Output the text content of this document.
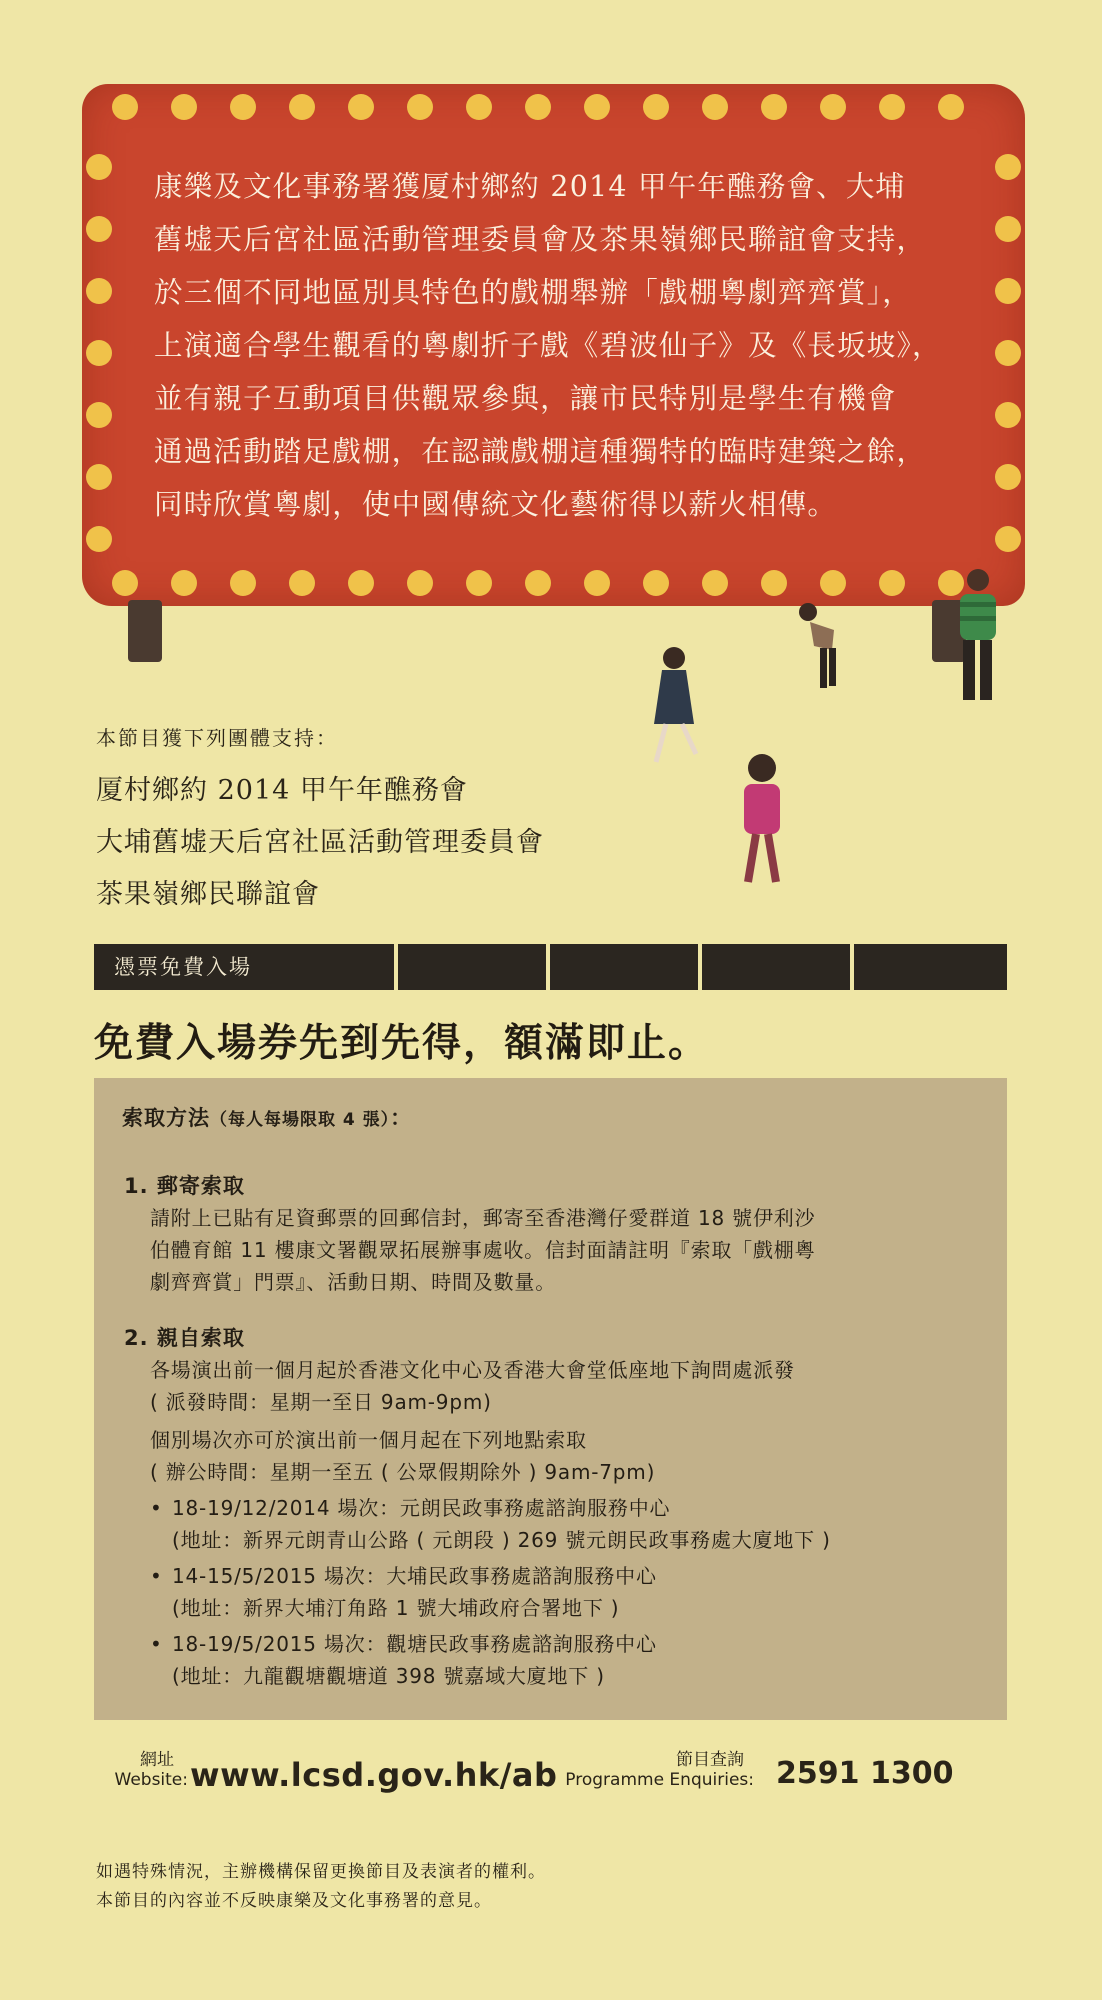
康樂及文化事務署獲厦村鄉約 2014 甲午年醮務會、大埔

舊墟天后宮社區活動管理委員會及茶果嶺鄉民聯誼會支持，

於三個不同地區別具特色的戲棚舉辦「戲棚粵劇齊齊賞」，

上演適合學生觀看的粵劇折子戲《碧波仙子》及《長坂坡》，

並有親子互動項目供觀眾參與，讓市民特別是學生有機會

通過活動踏足戲棚，在認識戲棚這種獨特的臨時建築之餘，

同時欣賞粵劇，使中國傳統文化藝術得以薪火相傳。

本節目獲下列團體支持：
厦村鄉約 2014 甲午年醮務會
大埔舊墟天后宮社區活動管理委員會
茶果嶺鄉民聯誼會
憑票免費入場
免費入場券先到先得，額滿即止。
索取方法（每人每場限取 4 張）：
1. 郵寄索取

請附上已貼有足資郵票的回郵信封，郵寄至香港灣仔愛群道 18 號伊利沙

伯體育館 11 樓康文署觀眾拓展辦事處收。信封面請註明『索取「戲棚粵

劇齊齊賞」門票』、活動日期、時間及數量。

2. 親自索取

各場演出前一個月起於香港文化中心及香港大會堂低座地下詢問處派發

( 派發時間：星期一至日 9am-9pm)

個別場次亦可於演出前一個月起在下列地點索取

( 辦公時間：星期一至五 ( 公眾假期除外 ) 9am-7pm)

• 18-19/12/2014 場次：元朗民政事務處諮詢服務中心
(地址：新界元朗青山公路 ( 元朗段 ) 269 號元朗民政事務處大廈地下 )
• 14-15/5/2015 場次：大埔民政事務處諮詢服務中心
(地址：新界大埔汀角路 1 號大埔政府合署地下 )
• 18-19/5/2015 場次：觀塘民政事務處諮詢服務中心
(地址：九龍觀塘觀塘道 398 號嘉域大廈地下 )
網址
Website: www.lcsd.gov.hk/ab	節目查詢
Programme Enquiries: 2591 1300

如遇特殊情況，主辦機構保留更換節目及表演者的權利。

本節目的內容並不反映康樂及文化事務署的意見。
